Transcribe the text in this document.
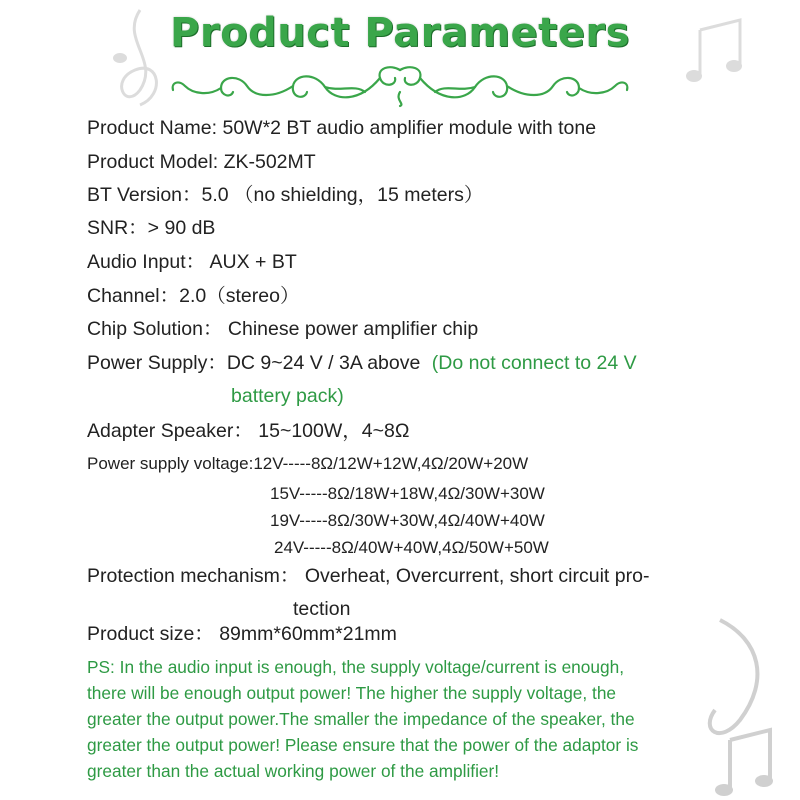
Product Parameters
Product Name: 50W*2 BT audio amplifier module with tone
Product Model: ZK-502MT
BT Version：5.0 （no shielding，15 meters）
SNR：> 90 dB
Audio Input： AUX + BT
Channel：2.0（stereo）
Chip Solution： Chinese power amplifier chip
Power Supply：DC 9~24 V / 3A above (Do not connect to 24 V
battery pack)
Adapter Speaker： 15~100W，4~8Ω
Power supply voltage:12V-----8Ω/12W+12W,4Ω/20W+20W
15V-----8Ω/18W+18W,4Ω/30W+30W
19V-----8Ω/30W+30W,4Ω/40W+40W
24V-----8Ω/40W+40W,4Ω/50W+50W
Protection mechanism： Overheat, Overcurrent, short circuit pro-
tection
Product size： 89mm*60mm*21mm
PS: In the audio input is enough, the supply voltage/current is enough,
there will be enough output power! The higher the supply voltage, the
greater the output power.The smaller the impedance of the speaker, the
greater the output power! Please ensure that the power of the adaptor is
greater than the actual working power of the amplifier!
